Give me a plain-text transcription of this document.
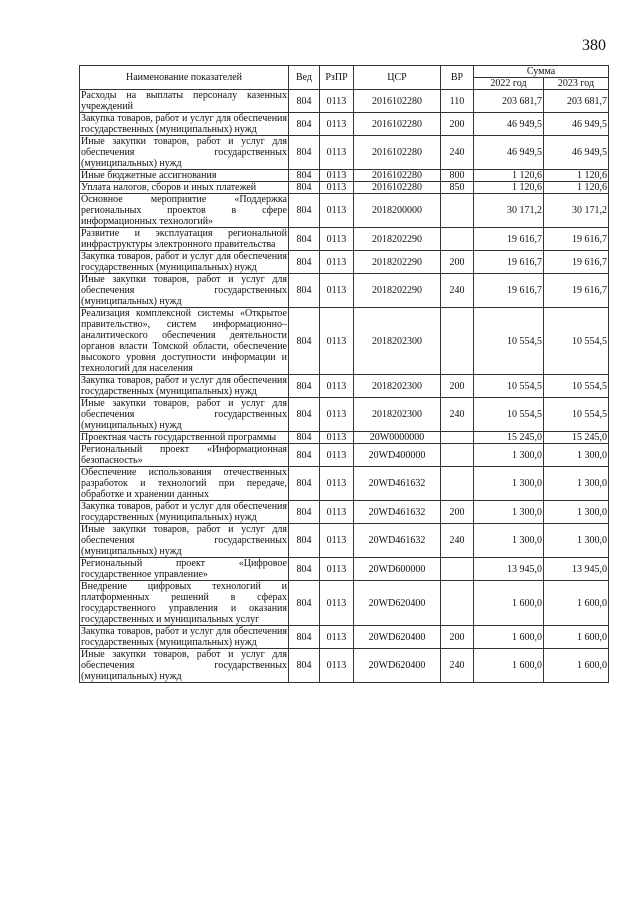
380
Наименование показателей	Вед	РзПР	ЦСР	ВР	Сумма	
					2022 год	2023 год
Расходы на выплаты персоналу казенных учреждений	804	0113	2016102280	110	203 681,7	203 681,7
Закупка товаров, работ и услуг для обеспечения государственных (муниципальных) нужд	804	0113	2016102280	200	46 949,5	46 949,5
Иные закупки товаров, работ и услуг для обеспечения государственных (муниципальных) нужд	804	0113	2016102280	240	46 949,5	46 949,5
Иные бюджетные ассигнования	804	0113	2016102280	800	1 120,6	1 120,6
Уплата налогов, сборов и иных платежей	804	0113	2016102280	850	1 120,6	1 120,6
Основное мероприятие «Поддержка региональных проектов в сфере информационных технологий»	804	0113	2018200000		30 171,2	30 171,2
Развитие и эксплуатация региональной инфраструктуры электронного правительства	804	0113	2018202290		19 616,7	19 616,7
Закупка товаров, работ и услуг для обеспечения государственных (муниципальных) нужд	804	0113	2018202290	200	19 616,7	19 616,7
Иные закупки товаров, работ и услуг для обеспечения государственных (муниципальных) нужд	804	0113	2018202290	240	19 616,7	19 616,7
Реализация комплексной системы «Открытое правительство», систем информационно–аналитического обеспечения деятельности органов власти Томской области, обеспечение высокого уровня доступности информации и технологий для населения	804	0113	2018202300		10 554,5	10 554,5
Закупка товаров, работ и услуг для обеспечения государственных (муниципальных) нужд	804	0113	2018202300	200	10 554,5	10 554,5
Иные закупки товаров, работ и услуг для обеспечения государственных (муниципальных) нужд	804	0113	2018202300	240	10 554,5	10 554,5
Проектная часть государственной программы	804	0113	20W0000000		15 245,0	15 245,0
Региональный проект «Информационная безопасность»	804	0113	20WD400000		1 300,0	1 300,0
Обеспечение использования отечественных разработок и технологий при передаче, обработке и хранении данных	804	0113	20WD461632		1 300,0	1 300,0
Закупка товаров, работ и услуг для обеспечения государственных (муниципальных) нужд	804	0113	20WD461632	200	1 300,0	1 300,0
Иные закупки товаров, работ и услуг для обеспечения государственных (муниципальных) нужд	804	0113	20WD461632	240	1 300,0	1 300,0
Региональный проект «Цифровое государственное управление»	804	0113	20WD600000		13 945,0	13 945,0
Внедрение цифровых технологий и платформенных решений в сферах государственного управления и оказания государственных и муниципальных услуг	804	0113	20WD620400		1 600,0	1 600,0
Закупка товаров, работ и услуг для обеспечения государственных (муниципальных) нужд	804	0113	20WD620400	200	1 600,0	1 600,0
Иные закупки товаров, работ и услуг для обеспечения государственных (муниципальных) нужд	804	0113	20WD620400	240	1 600,0	1 600,0
